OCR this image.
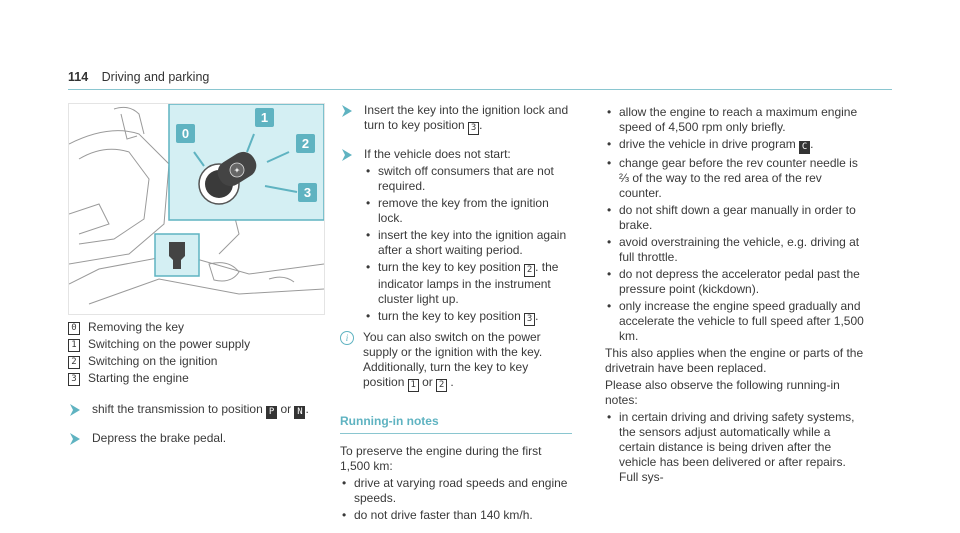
114 Driving and parking
✦
0
1
2
3
0 Removing the key
1 Switching on the power supply
2 Switching on the ignition
3 Starting the engine
shift the transmission to position P or N .
Depress the brake pedal.
Insert the key into the ignition lock and turn to key position 3 .
If the vehicle does not start:
• switch off consumers that are not required.
• remove the key from the ignition lock.
• insert the key into the ignition again after a short waiting period.
• turn the key to key position 2 . the indicator lamps in the instrument cluster light up.
• turn the key to key position 3 .
i	You can also switch on the power supply or the ignition with the key. Additionally, turn the key to key position 1 or 2 .
Running-in notes

To preserve the engine during the first 1,500 km:

• drive at varying road speeds and engine speeds.
• do not drive faster than 140 km/h.
• allow the engine to reach a maximum engine speed of 4,500 rpm only briefly.
• drive the vehicle in drive program C .
• change gear before the rev counter needle is ⅔ of the way to the red area of the rev counter.
• do not shift down a gear manually in order to brake.
• avoid overstraining the vehicle, e.g. driving at full throttle.
• do not depress the accelerator pedal past the pressure point (kickdown).
• only increase the engine speed gradually and accelerate the vehicle to full speed after 1,500 km.

This also applies when the engine or parts of the drivetrain have been replaced.

Please also observe the following running-in notes:

• in certain driving and driving safety systems, the sensors adjust automatically while a certain distance is being driven after the vehicle has been delivered or after repairs. Full sys-
